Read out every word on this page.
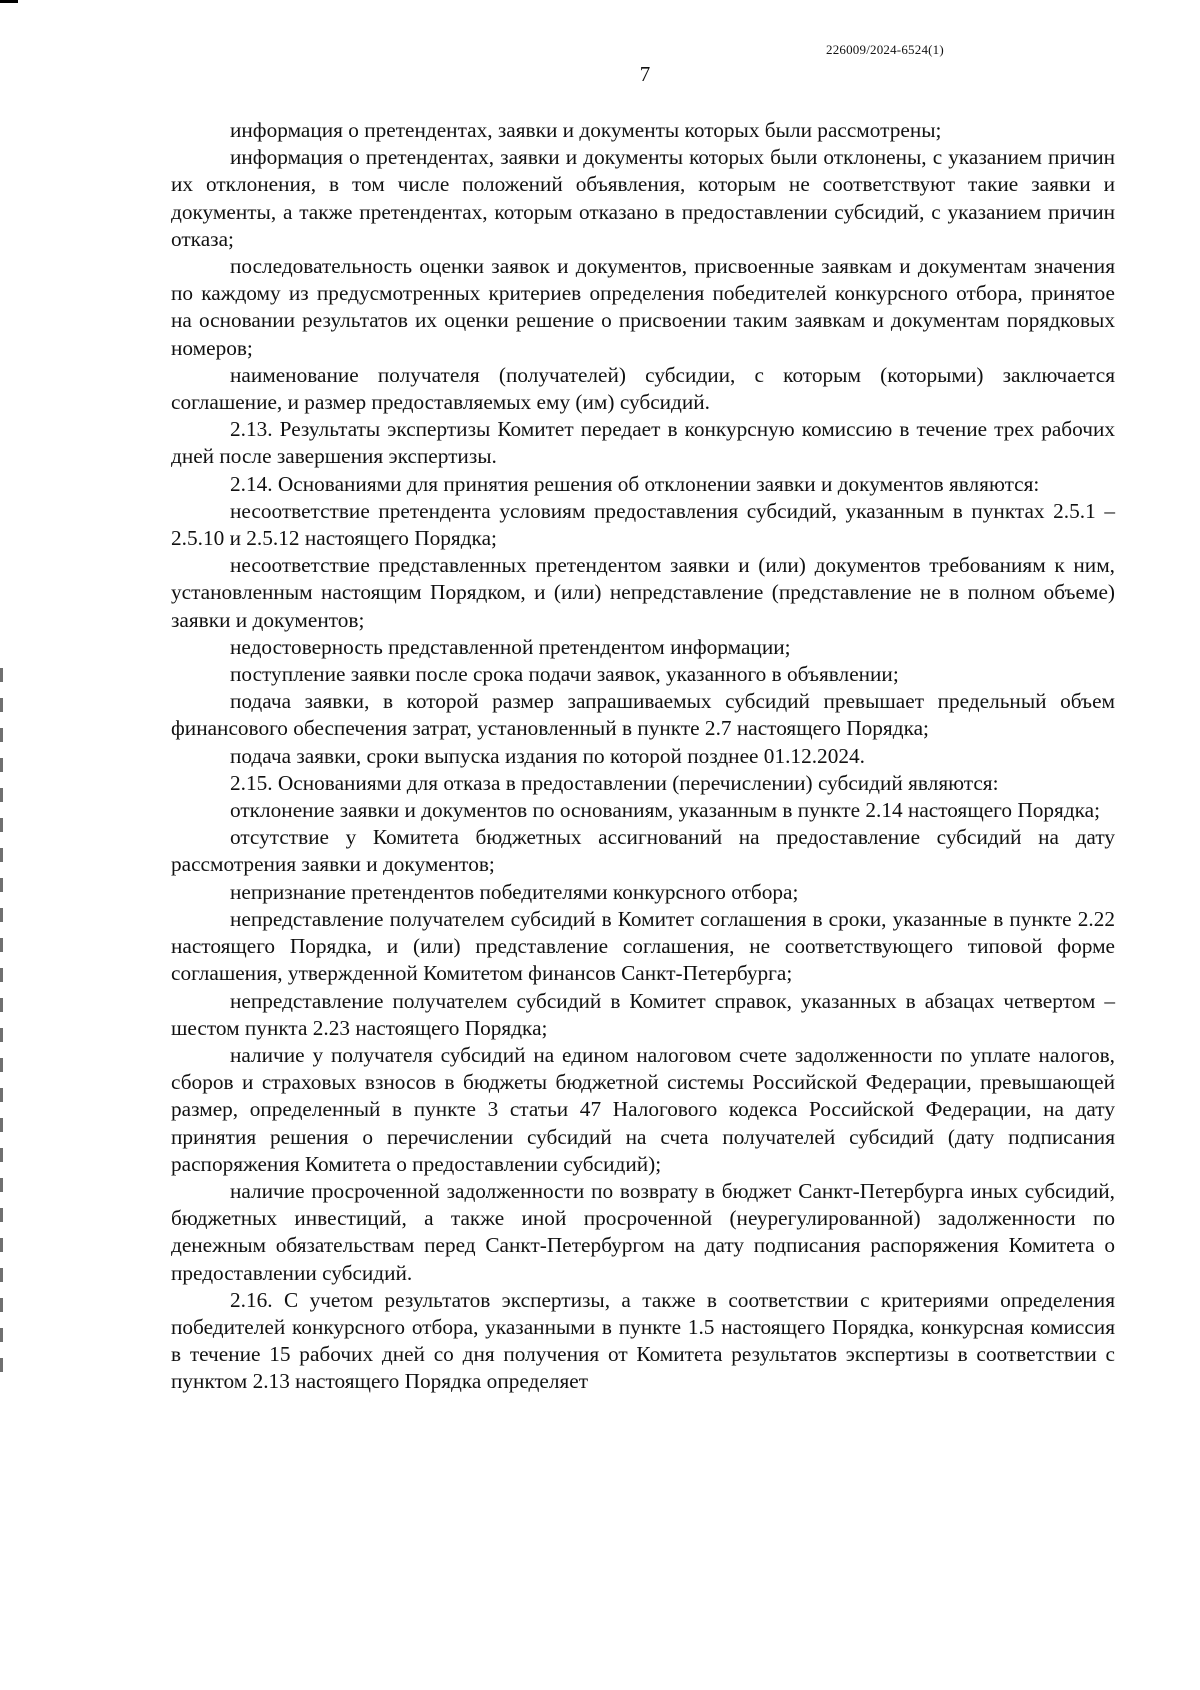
226009/2024-6524(1)
7

информация о претендентах, заявки и документы которых были рассмотрены;

информация о претендентах, заявки и документы которых были отклонены, с указанием причин их отклонения, в том числе положений объявления, которым не соответствуют такие заявки и документы, а также претендентах, которым отказано в предоставлении субсидий, с указанием причин отказа;

последовательность оценки заявок и документов, присвоенные заявкам и документам значения по каждому из предусмотренных критериев определения победителей конкурсного отбора, принятое на основании результатов их оценки решение о присвоении таким заявкам и документам порядковых номеров;

наименование получателя (получателей) субсидии, с которым (которыми) заключается соглашение, и размер предоставляемых ему (им) субсидий.

2.13. Результаты экспертизы Комитет передает в конкурсную комиссию в течение трех рабочих дней после завершения экспертизы.

2.14. Основаниями для принятия решения об отклонении заявки и документов являются:

несоответствие претендента условиям предоставления субсидий, указанным в пунктах 2.5.1 – 2.5.10 и 2.5.12 настоящего Порядка;

несоответствие представленных претендентом заявки и (или) документов требованиям к ним, установленным настоящим Порядком, и (или) непредставление (представление не в полном объеме) заявки и документов;

недостоверность представленной претендентом информации;

поступление заявки после срока подачи заявок, указанного в объявлении;

подача заявки, в которой размер запрашиваемых субсидий превышает предельный объем финансового обеспечения затрат, установленный в пункте 2.7 настоящего Порядка;

подача заявки, сроки выпуска издания по которой позднее 01.12.2024.

2.15. Основаниями для отказа в предоставлении (перечислении) субсидий являются:

отклонение заявки и документов по основаниям, указанным в пункте 2.14 настоящего Порядка;

отсутствие у Комитета бюджетных ассигнований на предоставление субсидий на дату рассмотрения заявки и документов;

непризнание претендентов победителями конкурсного отбора;

непредставление получателем субсидий в Комитет соглашения в сроки, указанные в пункте 2.22 настоящего Порядка, и (или) представление соглашения, не соответствующего типовой форме соглашения, утвержденной Комитетом финансов Санкт-Петербурга;

непредставление получателем субсидий в Комитет справок, указанных в абзацах четвертом – шестом пункта 2.23 настоящего Порядка;

наличие у получателя субсидий на едином налоговом счете задолженности по уплате налогов, сборов и страховых взносов в бюджеты бюджетной системы Российской Федерации, превышающей размер, определенный в пункте 3 статьи 47 Налогового кодекса Российской Федерации, на дату принятия решения о перечислении субсидий на счета получателей субсидий (дату подписания распоряжения Комитета о предоставлении субсидий);

наличие просроченной задолженности по возврату в бюджет Санкт-Петербурга иных субсидий, бюджетных инвестиций, а также иной просроченной (неурегулированной) задолженности по денежным обязательствам перед Санкт-Петербургом на дату подписания распоряжения Комитета о предоставлении субсидий.

2.16. С учетом результатов экспертизы, а также в соответствии с критериями определения победителей конкурсного отбора, указанными в пункте 1.5 настоящего Порядка, конкурсная комиссия в течение 15 рабочих дней со дня получения от Комитета результатов экспертизы в соответствии с пунктом 2.13 настоящего Порядка определяет
